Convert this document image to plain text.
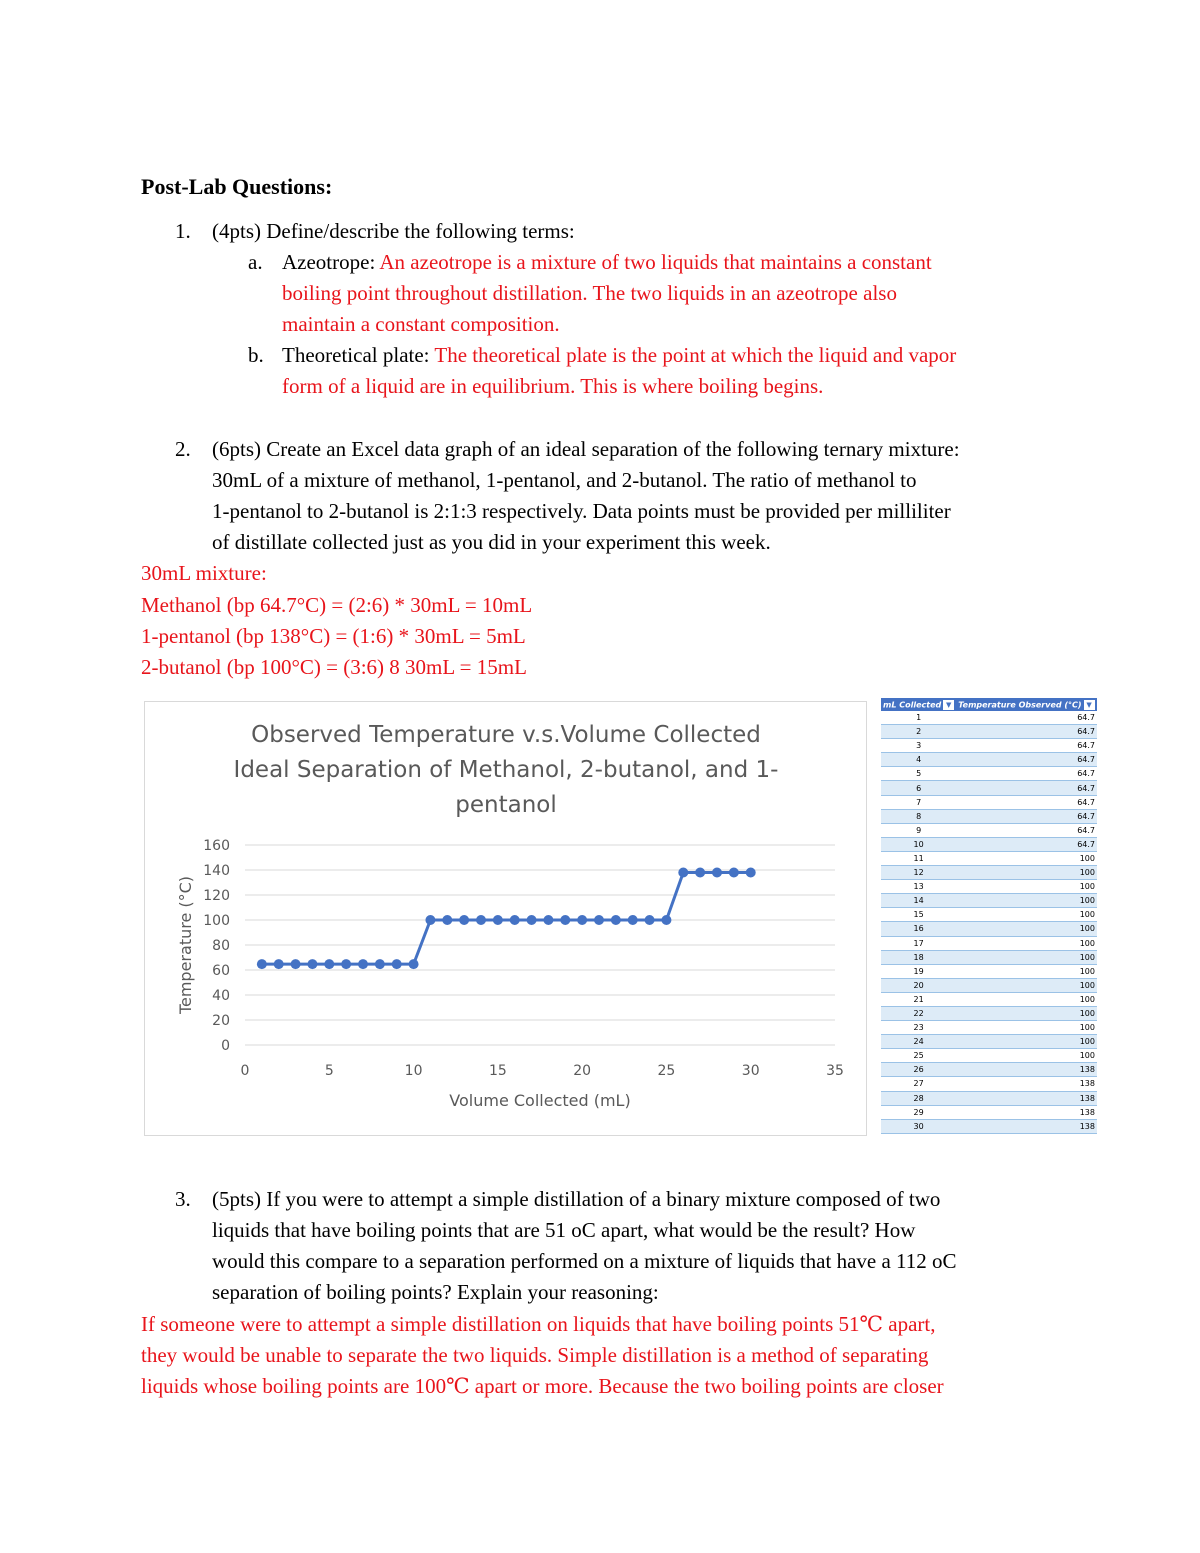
Post-Lab Questions:
1. (4pts) Define/describe the following terms:
a. Azeotrope: An azeotrope is a mixture of two liquids that maintains a constant
boiling point throughout distillation. The two liquids in an azeotrope also
maintain a constant composition.
b. Theoretical plate: The theoretical plate is the point at which the liquid and vapor
form of a liquid are in equilibrium. This is where boiling begins.
2. (6pts) Create an Excel data graph of an ideal separation of the following ternary mixture:
30mL of a mixture of methanol, 1-pentanol, and 2-butanol. The ratio of methanol to
1-pentanol to 2-butanol is 2:1:3 respectively. Data points must be provided per milliliter
of distillate collected just as you did in your experiment this week.
30mL mixture:
Methanol (bp 64.7°C) = (2:6) * 30mL = 10mL
1-pentanol (bp 138°C) = (1:6) * 30mL = 5mL
2-butanol (bp 100°C) = (3:6) 8 30mL = 15mL
Observed Temperature v.s.Volume Collected
Ideal Separation of Methanol, 2-butanol, and 1-
pentanol
0	5	10	15	20	25	30	35
0
20
40
60
80
100
120
140
160
Volume Collected (mL)
Temperature (°C)
mL Collected ▼	Temperature Observed (°C) ▼
1	64.7
2	64.7
3	64.7
4	64.7
5	64.7
6	64.7
7	64.7
8	64.7
9	64.7
10	64.7
11	100
12	100
13	100
14	100
15	100
16	100
17	100
18	100
19	100
20	100
21	100
22	100
23	100
24	100
25	100
26	138
27	138
28	138
29	138
30	138
3. (5pts) If you were to attempt a simple distillation of a binary mixture composed of two
liquids that have boiling points that are 51 oC apart, what would be the result? How
would this compare to a separation performed on a mixture of liquids that have a 112 oC
separation of boiling points? Explain your reasoning:
If someone were to attempt a simple distillation on liquids that have boiling points 51℃ apart,
they would be unable to separate the two liquids. Simple distillation is a method of separating
liquids whose boiling points are 100℃ apart or more. Because the two boiling points are closer
